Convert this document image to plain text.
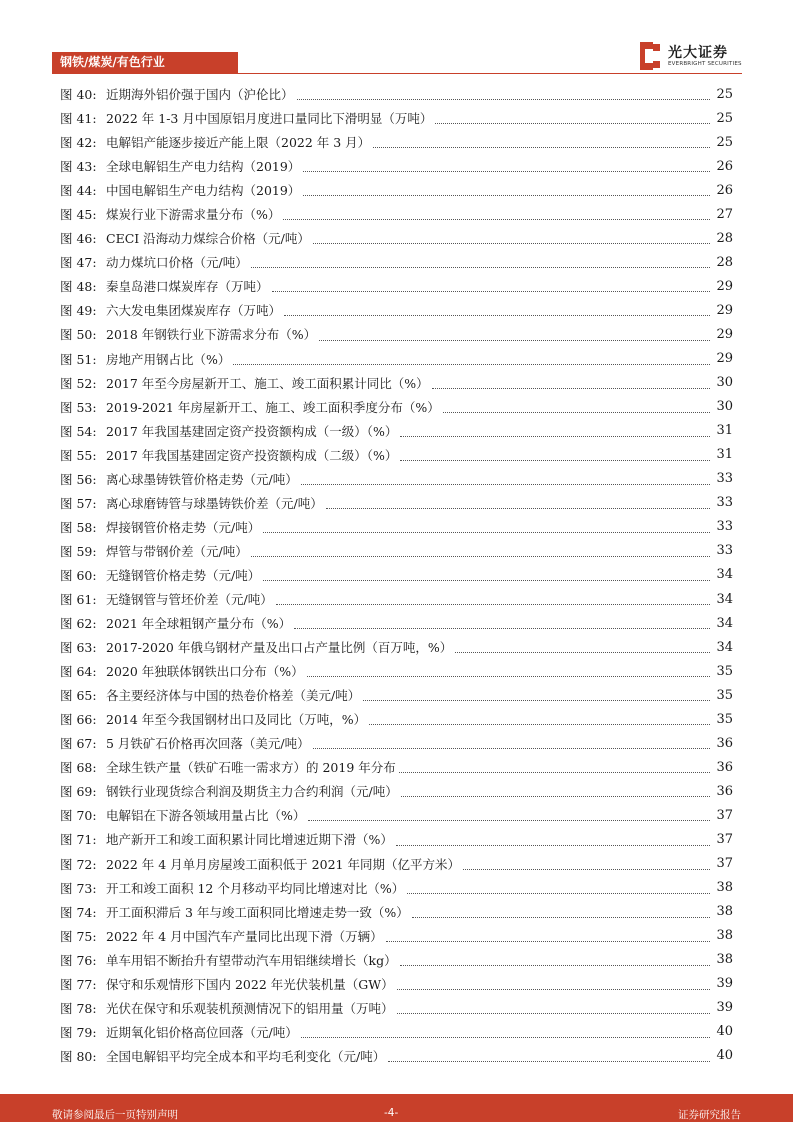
钢铁/煤炭/有色行业
光大证券
EVERBRIGHT SECURITIES
图 40: 近期海外铝价强于国内（沪伦比）	25
图 41: 2022 年 1-3 月中国原铝月度进口量同比下滑明显（万吨）	25
图 42: 电解铝产能逐步接近产能上限（2022 年 3 月）	25
图 43: 全球电解铝生产电力结构（2019）	26
图 44: 中国电解铝生产电力结构（2019）	26
图 45: 煤炭行业下游需求量分布（%）	27
图 46: CECI 沿海动力煤综合价格（元/吨）	28
图 47: 动力煤坑口价格（元/吨）	28
图 48: 秦皇岛港口煤炭库存（万吨）	29
图 49: 六大发电集团煤炭库存（万吨）	29
图 50: 2018 年钢铁行业下游需求分布（%）	29
图 51: 房地产用钢占比（%）	29
图 52: 2017 年至今房屋新开工、施工、竣工面积累计同比（%）	30
图 53: 2019-2021 年房屋新开工、施工、竣工面积季度分布（%）	30
图 54: 2017 年我国基建固定资产投资额构成（一级）（%）	31
图 55: 2017 年我国基建固定资产投资额构成（二级）（%）	31
图 56: 离心球墨铸铁管价格走势（元/吨）	33
图 57: 离心球磨铸管与球墨铸铁价差（元/吨）	33
图 58: 焊接钢管价格走势（元/吨）	33
图 59: 焊管与带钢价差（元/吨）	33
图 60: 无缝钢管价格走势（元/吨）	34
图 61: 无缝钢管与管坯价差（元/吨）	34
图 62: 2021 年全球粗钢产量分布（%）	34
图 63: 2017-2020 年俄乌钢材产量及出口占产量比例（百万吨，%）	34
图 64: 2020 年独联体钢铁出口分布（%）	35
图 65: 各主要经济体与中国的热卷价格差（美元/吨）	35
图 66: 2014 年至今我国钢材出口及同比（万吨，%）	35
图 67: 5 月铁矿石价格再次回落（美元/吨）	36
图 68: 全球生铁产量（铁矿石唯一需求方）的 2019 年分布	36
图 69: 钢铁行业现货综合利润及期货主力合约利润（元/吨）	36
图 70: 电解铝在下游各领域用量占比（%）	37
图 71: 地产新开工和竣工面积累计同比增速近期下滑（%）	37
图 72: 2022 年 4 月单月房屋竣工面积低于 2021 年同期（亿平方米）	37
图 73: 开工和竣工面积 12 个月移动平均同比增速对比（%）	38
图 74: 开工面积滞后 3 年与竣工面积同比增速走势一致（%）	38
图 75: 2022 年 4 月中国汽车产量同比出现下滑（万辆）	38
图 76: 单车用铝不断抬升有望带动汽车用铝继续增长（kg）	38
图 77: 保守和乐观情形下国内 2022 年光伏装机量（GW）	39
图 78: 光伏在保守和乐观装机预测情况下的铝用量（万吨）	39
图 79: 近期氧化铝价格高位回落（元/吨）	40
图 80: 全国电解铝平均完全成本和平均毛利变化（元/吨）	40
敬请参阅最后一页特别声明	-4-	证券研究报告
